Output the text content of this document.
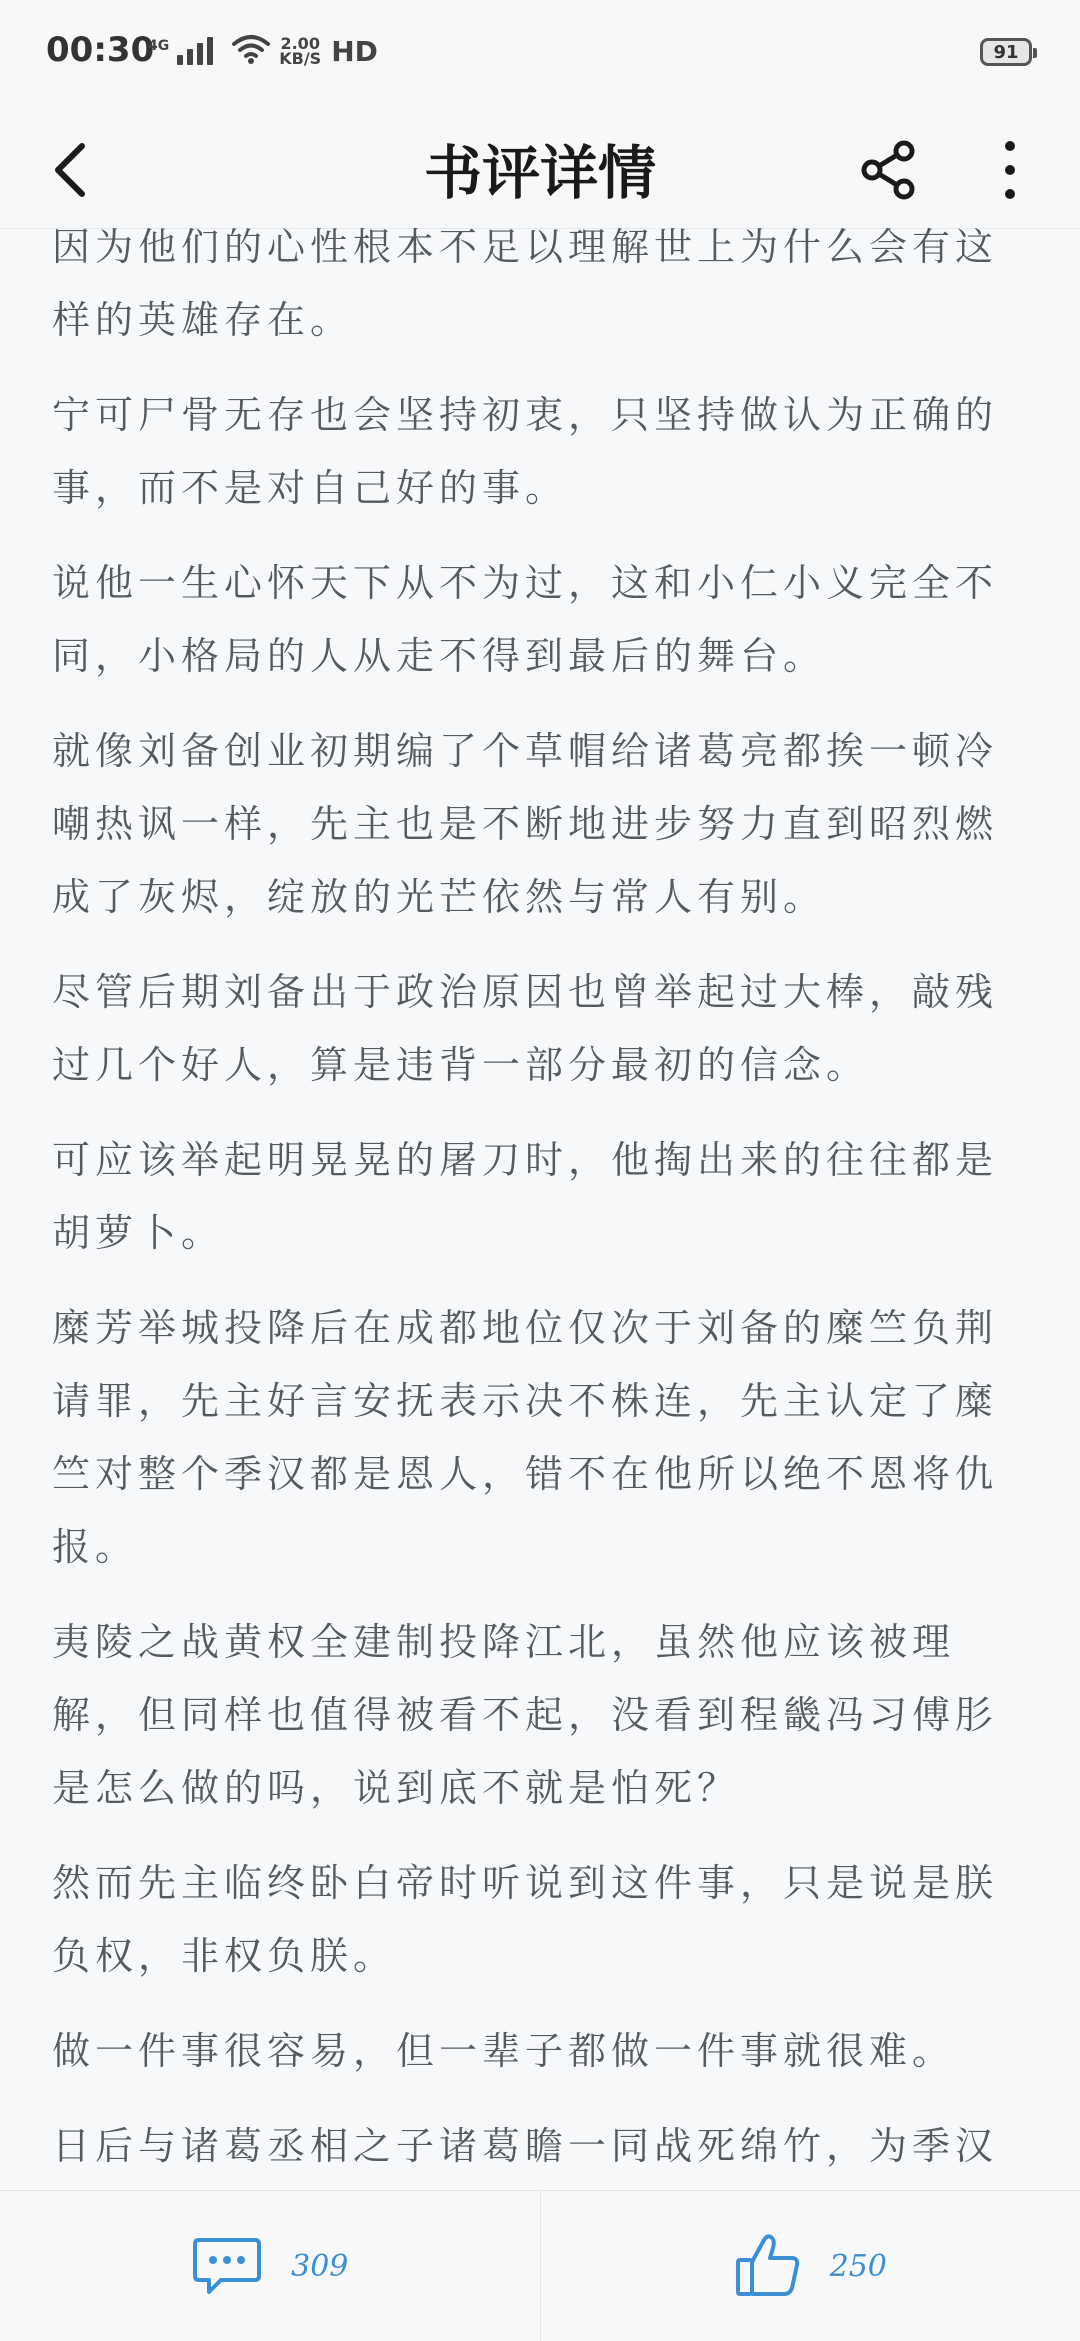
00:30
4G	2.00
KB/S HD	91
书评详情

因为他们的心性根本不足以理解世上为什么会有这样的英雄存在。

宁可尸骨无存也会坚持初衷，只坚持做认为正确的事，而不是对自己好的事。

说他一生心怀天下从不为过，这和小仁小义完全不同，小格局的人从走不得到最后的舞台。

就像刘备创业初期编了个草帽给诸葛亮都挨一顿冷嘲热讽一样，先主也是不断地进步努力直到昭烈燃成了灰烬，绽放的光芒依然与常人有别。

尽管后期刘备出于政治原因也曾举起过大棒，敲残过几个好人，算是违背一部分最初的信念。

可应该举起明晃晃的屠刀时，他掏出来的往往都是胡萝卜。

糜芳举城投降后在成都地位仅次于刘备的糜竺负荆请罪，先主好言安抚表示决不株连，先主认定了糜竺对整个季汉都是恩人，错不在他所以绝不恩将仇报。

夷陵之战黄权全建制投降江北，虽然他应该被理解，但同样也值得被看不起，没看到程畿冯习傅肜是怎么做的吗，说到底不就是怕死？

然而先主临终卧白帝时听说到这件事，只是说是朕负权，非权负朕。

做一件事很容易，但一辈子都做一件事就很难。

日后与诸葛丞相之子诸葛瞻一同战死绵竹，为季汉

309	250
